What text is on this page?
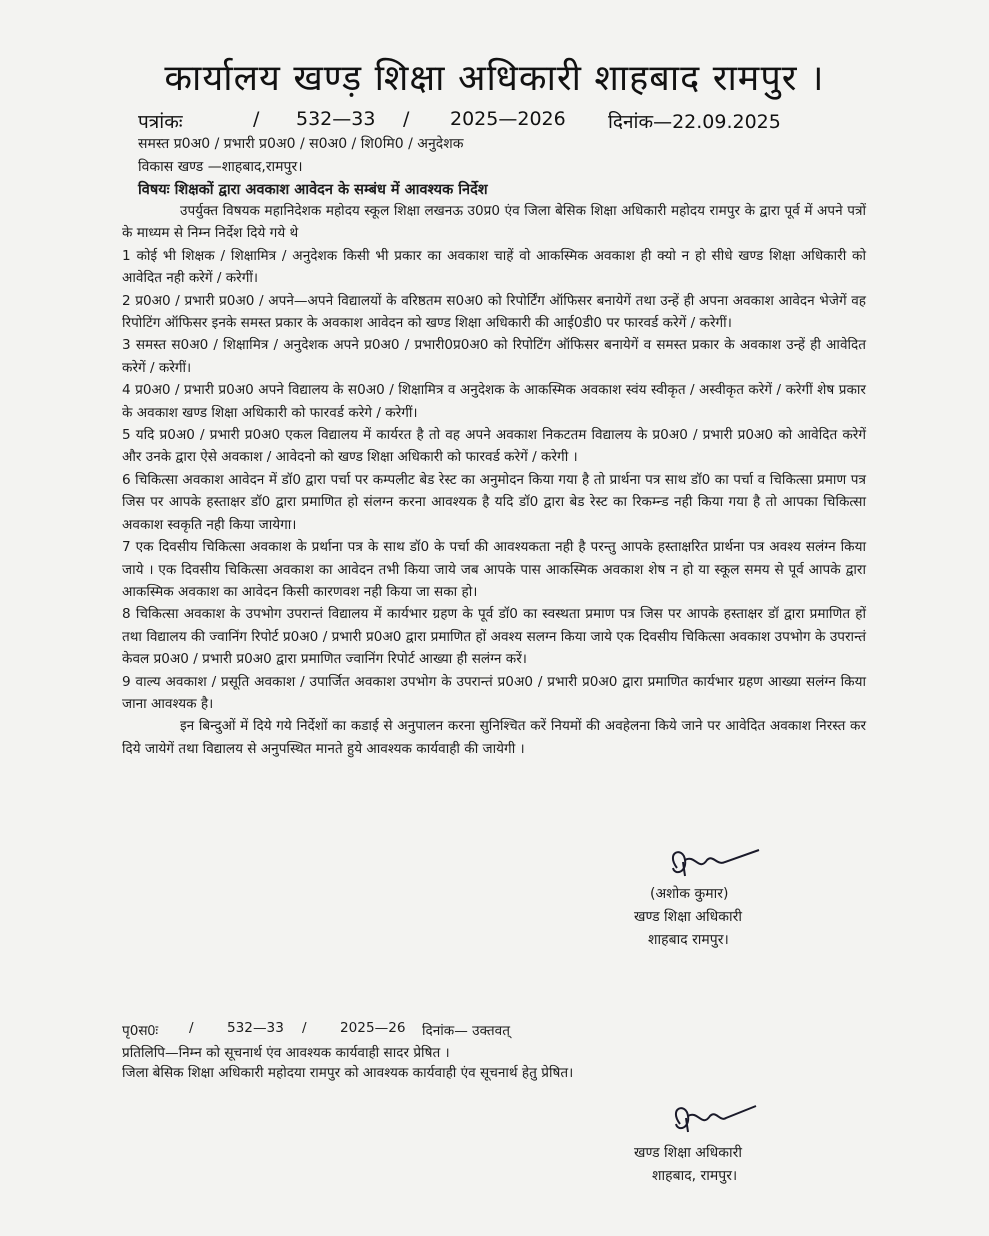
कार्यालय खण्ड़ शिक्षा अधिकारी शाहबाद रामपुर ।
पत्रांकः	/ 532—33 / 2025—2026 दिनांक—22.09.2025
समस्त प्र0अ0 / प्रभारी प्र0अ0 / स0अ0 / शि0मि0 / अनुदेशक
विकास खण्ड —शाहबाद,रामपुर।
विषयः शिक्षकों द्वारा अवकाश आवेदन के सम्बंध में आवश्यक निर्देश

उपर्युक्त विषयक महानिदेशक महोदय स्कूल शिक्षा लखनऊ उ0प्र0 एंव जिला बेसिक शिक्षा अधिकारी महोदय रामपुर के द्वारा पूर्व में अपने पत्रों के माध्यम से निम्न निर्देश दिये गये थे

1 कोई भी शिक्षक / शिक्षामित्र / अनुदेशक किसी भी प्रकार का अवकाश चाहें वो आकस्मिक अवकाश ही क्यो न हो सीधे खण्ड शिक्षा अधिकारी को आवेदित नही करेगें / करेगीं।

2 प्र0अ0 / प्रभारी प्र0अ0 / अपने—अपने विद्यालयों के वरिष्ठतम स0अ0 को रिपोर्टिंग ऑफिसर बनायेगें तथा उन्हें ही अपना अवकाश आवेदन भेजेगें वह रिपोटिंग ऑफिसर इनके समस्त प्रकार के अवकाश आवेदन को खण्ड शिक्षा अधिकारी की आई0डी0 पर फारवर्ड करेगें / करेगीं।

3 समस्त स0अ0 / शिक्षामित्र / अनुदेशक अपने प्र0अ0 / प्रभारी0प्र0अ0 को रिपोटिंग ऑफिसर बनायेगें व समस्त प्रकार के अवकाश उन्हें ही आवेदित करेगें / करेगीं।

4 प्र0अ0 / प्रभारी प्र0अ0 अपने विद्यालय के स0अ0 / शिक्षामित्र व अनुदेशक के आकस्मिक अवकाश स्वंय स्वीकृत / अस्वीकृत करेगें / करेगीं शेष प्रकार के अवकाश खण्ड शिक्षा अधिकारी को फारवर्ड करेगे / करेगीं।

5 यदि प्र0अ0 / प्रभारी प्र0अ0 एकल विद्यालय में कार्यरत है तो वह अपने अवकाश निकटतम विद्यालय के प्र0अ0 / प्रभारी प्र0अ0 को आवेदित करेगें और उनके द्वारा ऐसे अवकाश / आवेदनो को खण्ड शिक्षा अधिकारी को फारवर्ड करेगें / करेगी ।

6 चिकित्सा अवकाश आवेदन में डॉ0 द्वारा पर्चा पर कम्पलीट बेड रेस्ट का अनुमोदन किया गया है तो प्रार्थना पत्र साथ डॉ0 का पर्चा व चिकित्सा प्रमाण पत्र जिस पर आपके हस्ताक्षर डॉ0 द्वारा प्रमाणित हो संलग्न करना आवश्यक है यदि डॉ0 द्वारा बेड रेस्ट का रिकम्न्ड नही किया गया है तो आपका चिकित्सा अवकाश स्वकृति नही किया जायेगा।

7 एक दिवसीय चिकित्सा अवकाश के प्रर्थाना पत्र के साथ डॉ0 के पर्चा की आवश्यकता नही है परन्तु आपके हस्ताक्षरित प्रार्थना पत्र अवश्य सलंग्न किया जाये । एक दिवसीय चिकित्सा अवकाश का आवेदन तभी किया जाये जब आपके पास आकस्मिक अवकाश शेष न हो या स्कूल समय से पूर्व आपके द्वारा आकस्मिक अवकाश का आवेदन किसी कारणवश नही किया जा सका हो।

8 चिकित्सा अवकाश के उपभोग उपरान्तं विद्यालय में कार्यभार ग्रहण के पूर्व डॉ0 का स्वस्थता प्रमाण पत्र जिस पर आपके हस्ताक्षर डॉ द्वारा प्रमाणित हों तथा विद्यालय की ज्वानिंग रिपोर्ट प्र0अ0 / प्रभारी प्र0अ0 द्वारा प्रमाणित हों अवश्य सलग्न किया जाये एक दिवसीय चिकित्सा अवकाश उपभोग के उपरान्तं केवल प्र0अ0 / प्रभारी प्र0अ0 द्वारा प्रमाणित ज्वानिंग रिपोर्ट आख्या ही सलंग्न करें।

9 वाल्य अवकाश / प्रसूति अवकाश / उपार्जित अवकाश उपभोग के उपरान्तं प्र0अ0 / प्रभारी प्र0अ0 द्वारा प्रमाणित कार्यभार ग्रहण आख्या सलंग्न किया जाना आवश्यक है।

इन बिन्दुओं में दिये गये निर्देशों का कडाई से अनुपालन करना सुनिश्चित करें नियमों की अवहेलना किये जाने पर आवेदित अवकाश निरस्त कर दिये जायेगें तथा विद्यालय से अनुपस्थित मानते हुये आवश्यक कार्यवाही की जायेगी ।

(अशोक कुमार)
खण्ड शिक्षा अधिकारी
शाहबाद रामपुर।
पृ0स0ः / 532—33 / 2025—26 दिनांक— उक्तवत्
प्रतिलिपि—निम्न को सूचनार्थ एंव आवश्यक कार्यवाही सादर प्रेषित ।
जिला बेसिक शिक्षा अधिकारी महोदया रामपुर को आवश्यक कार्यवाही एंव सूचनार्थ हेतु प्रेषित।
खण्ड शिक्षा अधिकारी
शाहबाद, रामपुर।
